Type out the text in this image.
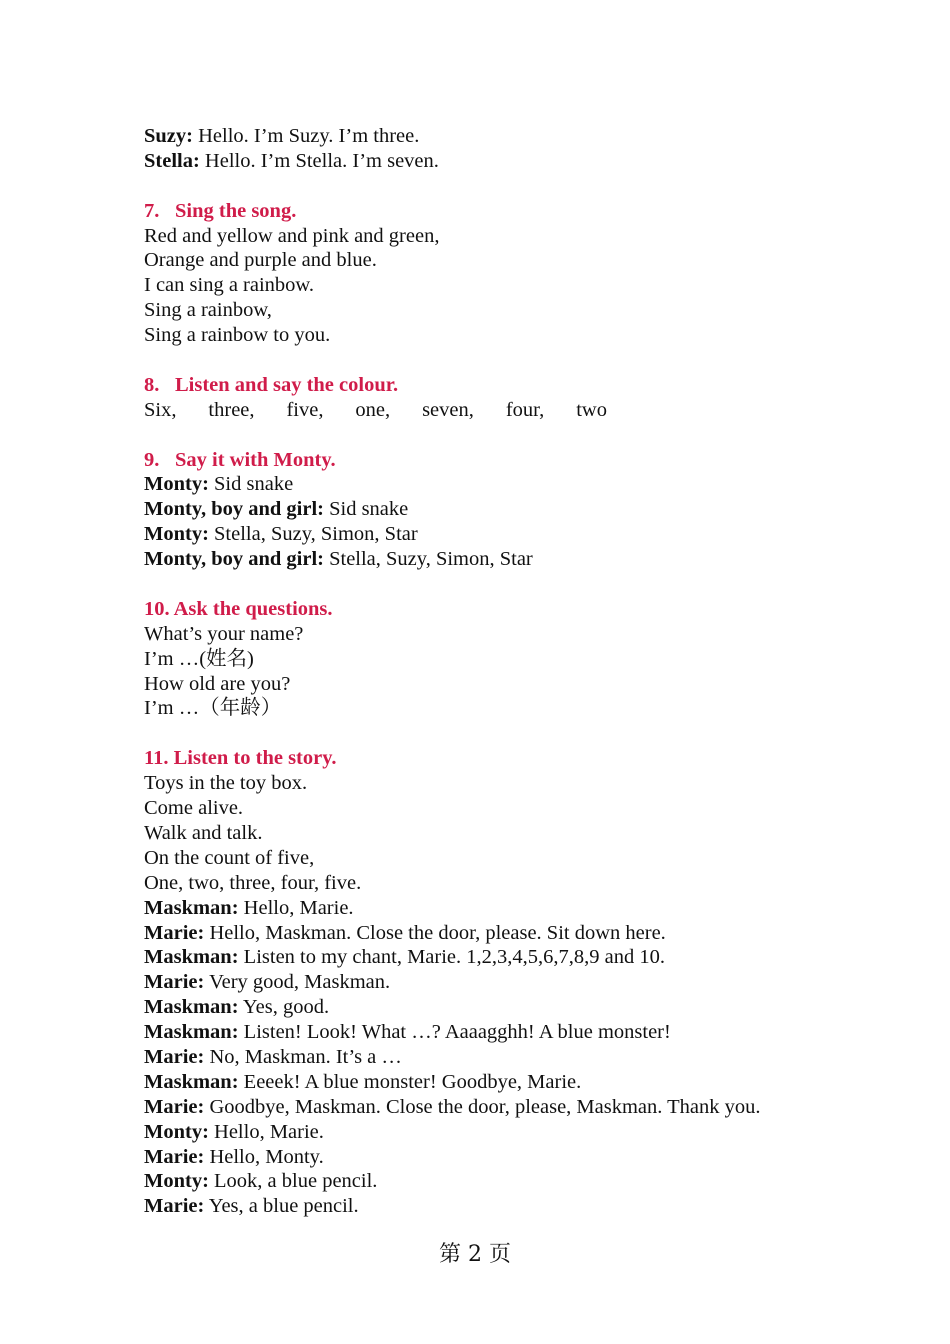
Suzy: Hello. I’m Suzy. I’m three.
Stella: Hello. I’m Stella. I’m seven.
7. Sing the song.
Red and yellow and pink and green,
Orange and purple and blue.
I can sing a rainbow.
Sing a rainbow,
Sing a rainbow to you.
8. Listen and say the colour.
Six, three, five, one, seven, four, two
9. Say it with Monty.
Monty: Sid snake
Monty, boy and girl: Sid snake
Monty: Stella, Suzy, Simon, Star
Monty, boy and girl: Stella, Suzy, Simon, Star
10. Ask the questions.
What’s your name?
I’m …(姓名)
How old are you?
I’m …（年龄）
11. Listen to the story.
Toys in the toy box.
Come alive.
Walk and talk.
On the count of five,
One, two, three, four, five.
Maskman: Hello, Marie.
Marie: Hello, Maskman. Close the door, please. Sit down here.
Maskman: Listen to my chant, Marie. 1,2,3,4,5,6,7,8,9 and 10.
Marie: Very good, Maskman.
Maskman: Yes, good.
Maskman: Listen! Look! What …? Aaaagghh! A blue monster!
Marie: No, Maskman. It’s a …
Maskman: Eeeek! A blue monster! Goodbye, Marie.
Marie: Goodbye, Maskman. Close the door, please, Maskman. Thank you.
Monty: Hello, Marie.
Marie: Hello, Monty.
Monty: Look, a blue pencil.
Marie: Yes, a blue pencil.
第 2 页
